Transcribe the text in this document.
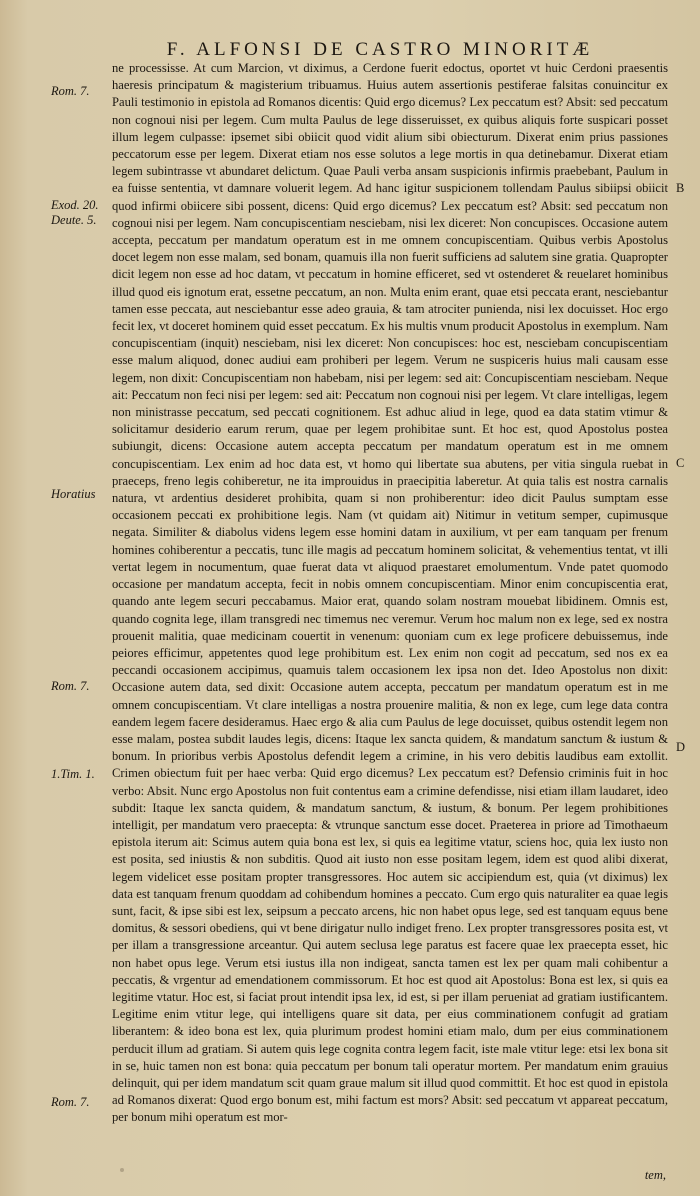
F. ALFONSI DE CASTRO MINORITÆ

ne processisse. At cum Marcion, vt diximus, a Cerdone fuerit edoctus, oportet vt huic Cerdoni praesentis haeresis principatum & magisterium tribuamus. Huius autem assertionis pestiferae falsitas conuincitur ex Pauli testimonio in epistola ad Romanos dicentis: Quid ergo dicemus? Lex peccatum est? Absit: sed peccatum non cognoui nisi per legem. Cum multa Paulus de lege disseruisset, ex quibus aliquis forte suspicari posset illum legem culpasse: ipsemet sibi obiicit quod vidit alium sibi obiecturum. Dixerat enim prius passiones peccatorum esse per legem. Dixerat etiam nos esse solutos a lege mortis in qua detinebamur. Dixerat etiam legem subintrasse vt abundaret delictum. Quae Pauli verba ansam suspicionis infirmis praebebant, Paulum in ea fuisse sententia, vt damnare voluerit legem. Ad hanc igitur suspicionem tollendam Paulus sibiipsi obiicit quod infirmi obiicere sibi possent, dicens: Quid ergo dicemus? Lex peccatum est? Absit: sed peccatum non cognoui nisi per legem. Nam concupiscentiam nesciebam, nisi lex diceret: Non concupisces. Occasione autem accepta, peccatum per mandatum operatum est in me omnem concupiscentiam. Quibus verbis Apostolus docet legem non esse malam, sed bonam, quamuis illa non fuerit sufficiens ad salutem sine gratia. Quapropter dicit legem non esse ad hoc datam, vt peccatum in homine efficeret, sed vt ostenderet & reuelaret hominibus illud quod eis ignotum erat, essetne peccatum, an non. Multa enim erant, quae etsi peccata erant, nesciebantur tamen esse peccata, aut nesciebantur esse adeo grauia, & tam atrociter punienda, nisi lex docuisset. Hoc ergo fecit lex, vt doceret hominem quid esset peccatum. Ex his multis vnum producit Apostolus in exemplum. Nam concupiscentiam (inquit) nesciebam, nisi lex diceret: Non concupisces: hoc est, nesciebam concupiscentiam esse malum aliquod, donec audiui eam prohiberi per legem. Verum ne suspiceris huius mali causam esse legem, non dixit: Concupiscentiam non habebam, nisi per legem: sed ait: Concupiscentiam nesciebam. Neque ait: Peccatum non feci nisi per legem: sed ait: Peccatum non cognoui nisi per legem. Vt clare intelligas, legem non ministrasse peccatum, sed peccati cognitionem. Est adhuc aliud in lege, quod ea data statim vtimur & solicitamur desiderio earum rerum, quae per legem prohibitae sunt. Et hoc est, quod Apostolus postea subiungit, dicens: Occasione autem accepta peccatum per mandatum operatum est in me omnem concupiscentiam. Lex enim ad hoc data est, vt homo qui libertate sua abutens, per vitia singula ruebat in praeceps, freno legis cohiberetur, ne ita improuidus in praecipitia laberetur. At quia talis est nostra carnalis natura, vt ardentius desideret prohibita, quam si non prohiberentur: ideo dicit Paulus sumptam esse occasionem peccati ex prohibitione legis. Nam (vt quidam ait) Nitimur in vetitum semper, cupimusque negata. Similiter & diabolus videns legem esse homini datam in auxilium, vt per eam tanquam per frenum homines cohiberentur a peccatis, tunc ille magis ad peccatum hominem solicitat, & vehementius tentat, vt illi vertat legem in nocumentum, quae fuerat data vt aliquod praestaret emolumentum. Vnde patet quomodo occasione per mandatum accepta, fecit in nobis omnem concupiscentiam. Minor enim concupiscentia erat, quando ante legem securi peccabamus. Maior erat, quando solam nostram mouebat libidinem. Omnis est, quando cognita lege, illam transgredi nec timemus nec veremur. Verum hoc malum non ex lege, sed ex nostra prouenit malitia, quae medicinam couertit in venenum: quoniam cum ex lege proficere debuissemus, inde peiores efficimur, appetentes quod lege prohibitum est. Lex enim non cogit ad peccatum, sed nos ex ea peccandi occasionem accipimus, quamuis talem occasionem lex ipsa non det. Ideo Apostolus non dixit: Occasione autem data, sed dixit: Occasione autem accepta, peccatum per mandatum operatum est in me omnem concupiscentiam. Vt clare intelligas a nostra prouenire malitia, & non ex lege, cum lege data contra eandem legem facere desideramus. Haec ergo & alia cum Paulus de lege docuisset, quibus ostendit legem non esse malam, postea subdit laudes legis, dicens: Itaque lex sancta quidem, & mandatum sanctum & iustum & bonum. In prioribus verbis Apostolus defendit legem a crimine, in his vero debitis laudibus eam extollit. Crimen obiectum fuit per haec verba: Quid ergo dicemus? Lex peccatum est? Defensio criminis fuit in hoc verbo: Absit. Nunc ergo Apostolus non fuit contentus eam a crimine defendisse, nisi etiam illam laudaret, ideo subdit: Itaque lex sancta quidem, & mandatum sanctum, & iustum, & bonum. Per legem prohibitiones intelligit, per mandatum vero praecepta: & vtrunque sanctum esse docet. Praeterea in priore ad Timothaeum epistola iterum ait: Scimus autem quia bona est lex, si quis ea legitime vtatur, sciens hoc, quia lex iusto non est posita, sed iniustis & non subditis. Quod ait iusto non esse positam legem, idem est quod alibi dixerat, legem videlicet esse positam propter transgressores. Hoc autem sic accipiendum est, quia (vt diximus) lex data est tanquam frenum quoddam ad cohibendum homines a peccato. Cum ergo quis naturaliter ea quae legis sunt, facit, & ipse sibi est lex, seipsum a peccato arcens, hic non habet opus lege, sed est tanquam equus bene domitus, & sessori obediens, qui vt bene dirigatur nullo indiget freno. Lex propter transgressores posita est, vt per illam a transgressione arceantur. Qui autem seclusa lege paratus est facere quae lex praecepta esset, hic non habet opus lege. Verum etsi iustus illa non indigeat, sancta tamen est lex per quam mali cohibentur a peccatis, & vrgentur ad emendationem commissorum. Et hoc est quod ait Apostolus: Bona est lex, si quis ea legitime vtatur. Hoc est, si faciat prout intendit ipsa lex, id est, si per illam perueniat ad gratiam iustificantem. Legitime enim vtitur lege, qui intelligens quare sit data, per eius comminationem confugit ad gratiam liberantem: & ideo bona est lex, quia plurimum prodest homini etiam malo, dum per eius comminationem perducit illum ad gratiam. Si autem quis lege cognita contra legem facit, iste male vtitur lege: etsi lex bona sit in se, huic tamen non est bona: quia peccatum per bonum tali operatur mortem. Per mandatum enim grauius delinquit, qui per idem mandatum scit quam graue malum sit illud quod committit. Et hoc est quod in epistola ad Romanos dixerat: Quod ergo bonum est, mihi factum est mors? Absit: sed peccatum vt appareat peccatum, per bonum mihi operatum est mor-

Rom. 7.
Exod. 20.
Deute. 5.
Horatius
Rom. 7.
1.Tim. 1.
Rom. 7.
B
C
D
tem,
